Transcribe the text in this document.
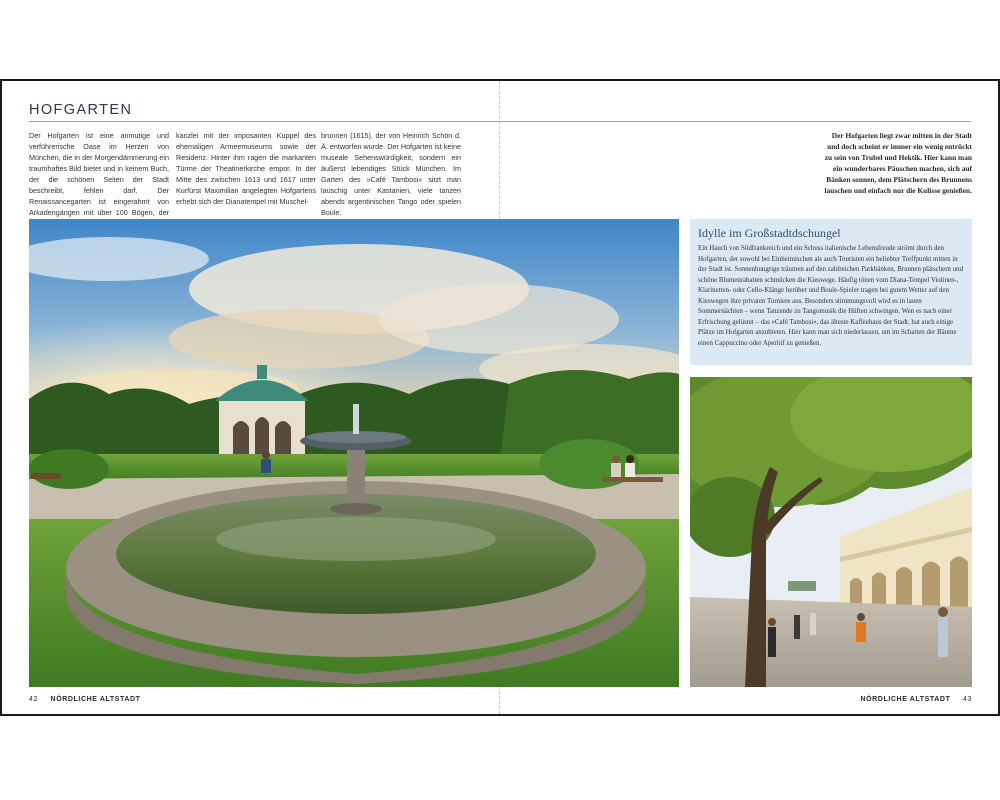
HOFGARTEN
Der Hofgarten ist eine anmutige und verführerische Oase im Herzen von München, die in der Morgendämmerung ein traumhaftes Bild bietet und in keinem Buch, der die schönen Seiten der Stadt beschreibt, fehlen darf. Der Renaissancegarten ist eingerahmt von Arkadengängen mit über 100 Bögen, der
kanzlei mit der imposanten Kuppel des ehemaligen Armeemuseums sowie der Residenz. Hinter ihm ragen die markanten Türme der Theatinerkirche empor. In der Mitte des zwischen 1613 und 1617 unter Kurfürst Maximilian angelegten Hofgartens erhebt sich der Dianatempel mit Muschel-
brunnen (1615), der von Heinrich Schön d. Ä. entworfen wurde. Der Hofgarten ist keine museale Sehenswürdigkeit, sondern ein äußerst lebendiges Stück München. Im Garten des »Café Tambosi« sitzt man lauschig unter Kastanien, viele tanzen abends argentinischen Tango oder spielen Boule.
Der Hofgarten liegt zwar mitten in der Stadt und doch scheint er immer ein wenig entrückt zu sein von Trubel und Hektik. Hier kann man ein wunderbares Päuschen machen, sich auf Bänken sonnen, dem Plätschern des Brunnens lauschen und einfach nur die Kulisse genießen.
Idylle im Großstadtdschungel
Ein Hauch von Südfrankreich und ein Schuss italienische Lebensfreude strömt durch den Hofgarten, der sowohl bei Einheimischen als auch Touristen ein beliebter Treffpunkt mitten in der Stadt ist. Sonnenhungrige träumen auf den zahlreichen Parkbänken, Brunnen plätschern und schöne Blumenrabatten schmücken die Kieswege. Häufig tönen vom Diana-Tempel Violinen-, Klarinetten- oder Cello-Klänge herüber und Boule-Spieler tragen bei gutem Wetter auf den Kieswegen ihre privaten Turniere aus. Besonders stimmungsvoll wird es in lauen Sommernächten – wenn Tanzende zu Tangomusik die Hüften schwingen. Wen es nach einer Erfrischung gelüstet – das »Café Tambosi«, das älteste Kaffeehaus der Stadt, hat auch einige Plätze im Hofgarten anzubieten. Hier kann man sich niederlassen, um im Schatten der Bäume einen Cappuccino oder Aperitif zu genießen.
42 NÖRDLICHE ALTSTADT	NÖRDLICHE ALTSTADT 43
